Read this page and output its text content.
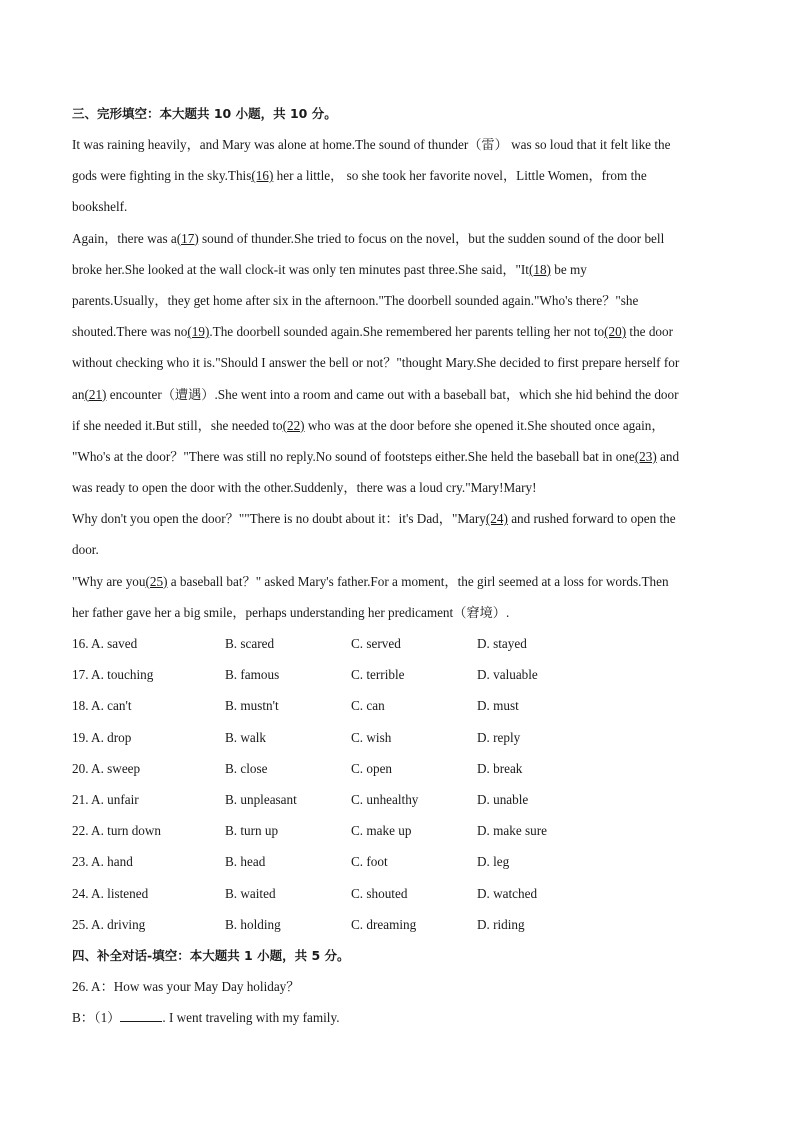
三、完形填空：本大题共 10 小题，共 10 分。
It was raining heavily，and Mary was alone at home.The sound of thunder（雷） was so loud that it felt like the
gods were fighting in the sky.This(16) her a little， so she took her favorite novel，Little Women，from the
bookshelf.
Again，there was a(17) sound of thunder.She tried to focus on the novel，but the sudden sound of the door bell
broke her.She looked at the wall clock-it was only ten minutes past three.She said，"It(18) be my
parents.Usually，they get home after six in the afternoon."The doorbell sounded again."Who's there？"she
shouted.There was no(19).The doorbell sounded again.She remembered her parents telling her not to(20) the door
without checking who it is."Should I answer the bell or not？"thought Mary.She decided to first prepare herself for
an(21) encounter（遭遇）.She went into a room and came out with a baseball bat，which she hid behind the door
if she needed it.But still，she needed to(22) who was at the door before she opened it.She shouted once again，
"Who's at the door？"There was still no reply.No sound of footsteps either.She held the baseball bat in one(23) and
was ready to open the door with the other.Suddenly，there was a loud cry."Mary!Mary!
Why don't you open the door？""There is no doubt about it：it's Dad，"Mary(24) and rushed forward to open the
door.
"Why are you(25) a baseball bat？" asked Mary's father.For a moment，the girl seemed at a loss for words.Then
her father gave her a big smile，perhaps understanding her predicament（窘境）.
16. A. saved	B. scared	C. served	D. stayed
17. A. touching	B. famous	C. terrible	D. valuable
18. A. can't	B. mustn't	C. can	D. must
19. A. drop	B. walk	C. wish	D. reply
20. A. sweep	B. close	C. open	D. break
21. A. unfair	B. unpleasant	C. unhealthy	D. unable
22. A. turn down	B. turn up	C. make up	D. make sure
23. A. hand	B. head	C. foot	D. leg
24. A. listened	B. waited	C. shouted	D. watched
25. A. driving	B. holding	C. dreaming	D. riding
四、补全对话-填空：本大题共 1 小题，共 5 分。
26. A：How was your May Day holiday？
B：（1）	. I went traveling with my family.
